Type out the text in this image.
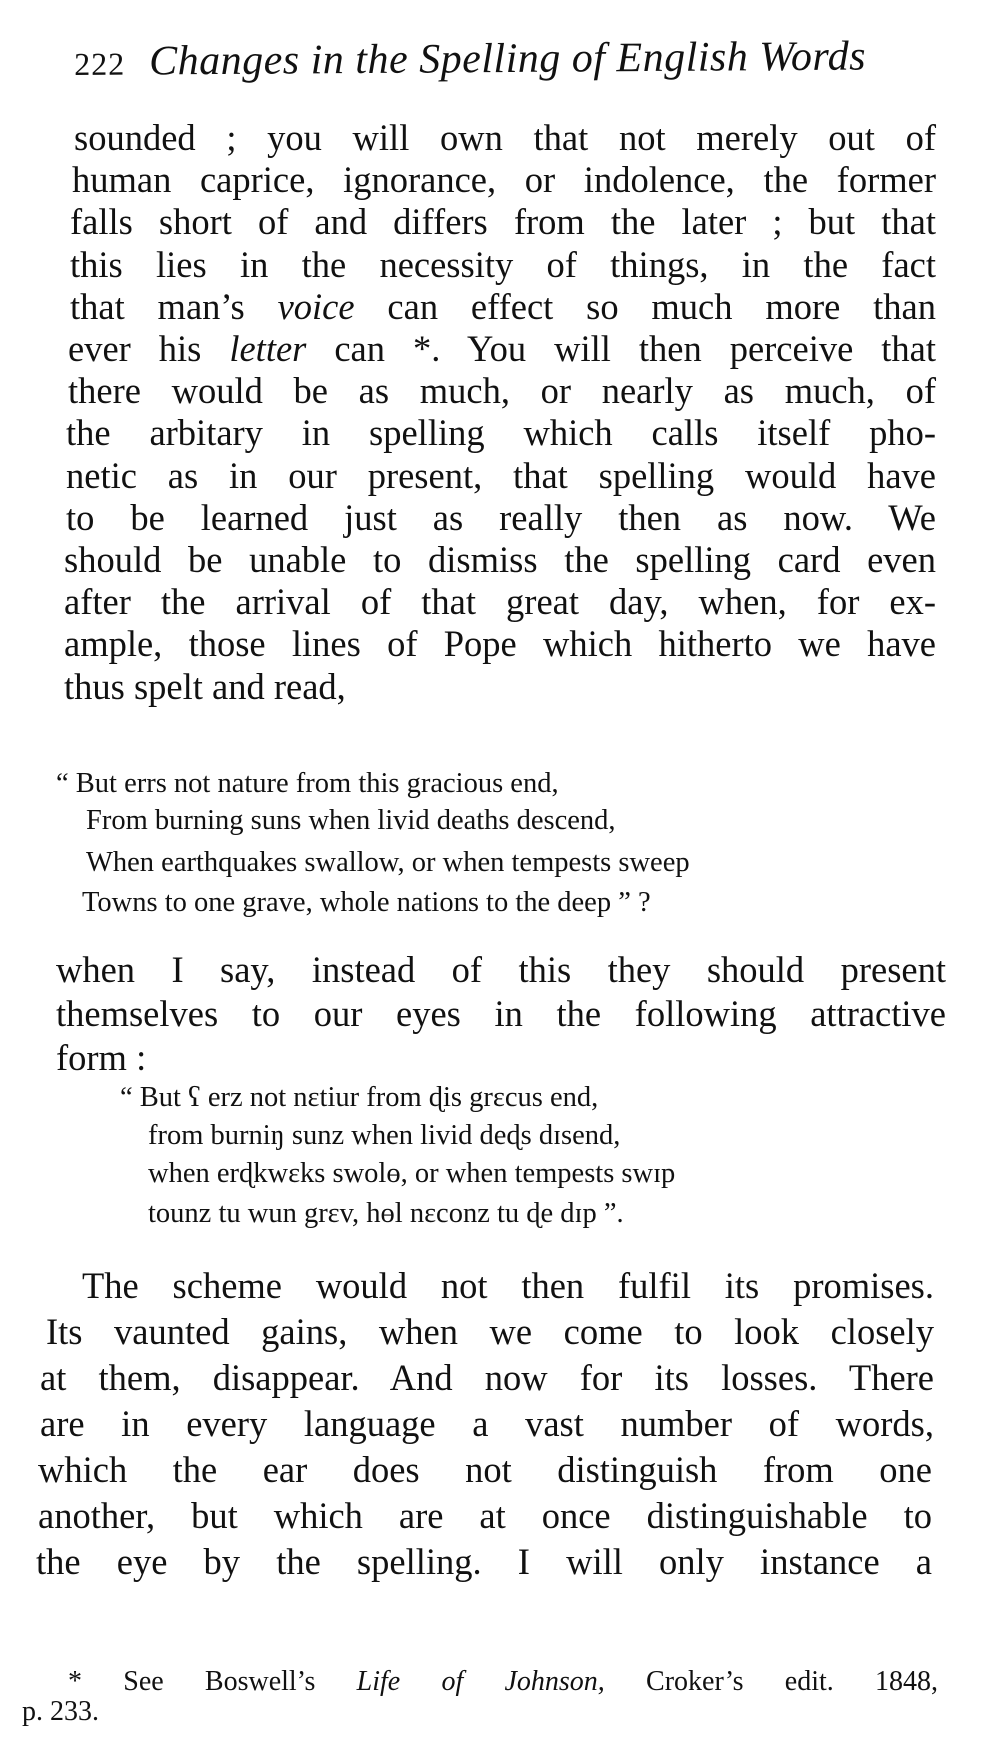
222 Changes in the Spelling of English Words
sounded ; you will own that not merely out of
human caprice, ignorance, or indolence, the former
falls short of and differs from the later ; but that
this lies in the necessity of things, in the fact
that man’s voice can effect so much more than
ever his letter can *. You will then perceive that
there would be as much, or nearly as much, of
the arbitary in spelling which calls itself pho-
netic as in our present, that spelling would have
to be learned just as really then as now. We
should be unable to dismiss the spelling card even
after the arrival of that great day, when, for ex-
ample, those lines of Pope which hitherto we have
thus spelt and read,
“ But errs not nature from this gracious end,
From burning suns when livid deaths descend,
When earthquakes swallow, or when tempests sweep
Towns to one grave, whole nations to the deep ” ?
when I say, instead of this they should present
themselves to our eyes in the following attractive
form :
“ But ʕ erz not nɛtiur from ɖis grɛcus end,
from burniŋ sunz when livid deɖs dɪsend,
when erɖkwɛks swolɵ, or when tempests swɪp
tounz tu wun grɛv, hɵl nɛconz tu ɖe dɪp ”.
The scheme would not then fulfil its promises.
Its vaunted gains, when we come to look closely
at them, disappear. And now for its losses. There
are in every language a vast number of words,
which the ear does not distinguish from one
another, but which are at once distinguishable to
the eye by the spelling. I will only instance a
* See Boswell’s Life of Johnson, Croker’s edit. 1848,
p. 233.
